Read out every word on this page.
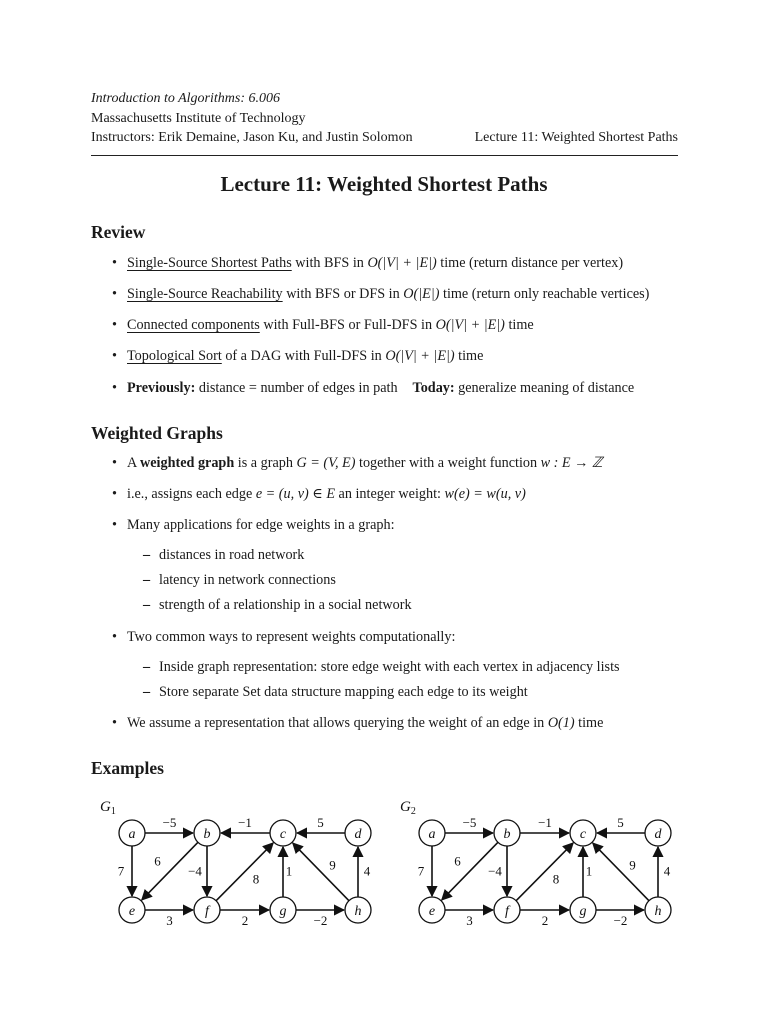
Introduction to Algorithms: 6.006
Massachusetts Institute of Technology
Instructors: Erik Demaine, Jason Ku, and Justin Solomon	Lecture 11: Weighted Shortest Paths
Lecture 11: Weighted Shortest Paths
Review
• Single-Source Shortest Paths with BFS in O(|V| + |E|) time (return distance per vertex)
• Single-Source Reachability with BFS or DFS in O(|E|) time (return only reachable vertices)
• Connected components with Full-BFS or Full-DFS in O(|V| + |E|) time
• Topological Sort of a DAG with Full-DFS in O(|V| + |E|) time
• Previously: distance = number of edges in path Today: generalize meaning of distance
Weighted Graphs
• A weighted graph is a graph G = (V, E) together with a weight function w : E → ℤ
• i.e., assigns each edge e = (u, v) ∈ E an integer weight: w(e) = w(u, v)
• Many applications for edge weights in a graph:
– distances in road network
– latency in network connections
– strength of a relationship in a social network
• Two common ways to represent weights computationally:
– Inside graph representation: store edge weight with each vertex in adjacency lists
– Store separate Set data structure mapping each edge to its weight
• We assume a representation that allows querying the weight of an edge in O(1) time
Examples
$G_1$
−5	−1	5
7
6
−4
8
1	9 4
3	2	−2
a	b	c	d
e	f	g	h
$G_2$
−5	−1	5
7
6
−4
8
1	9 4
3	2	−2
a	b	c	d
e	f	g	h
